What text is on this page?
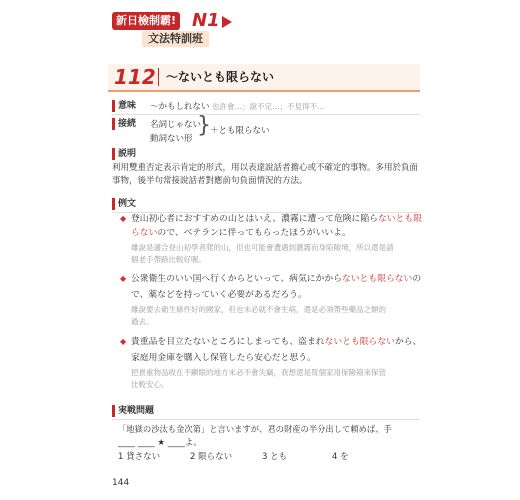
新日檢制霸! N1
文法特訓班
112 ～ないとも限らない
意味 ～かもしれない 也許會…；說不定…；不見得不…
接続 名詞じゃない
動詞ない形
} ＋とも限らない
説明
利用雙重否定表示肯定的形式，用以表達說話者擔心或不確定的事物。多用於負面事物，後半句常接說話者對應前句負面情況的方法。
例文
◆ 登山初心者におすすめの山とはいえ、濃霧に遭って危険に陥らないとも限
らないので、ベテランに伴ってもらったほうがいいよ。
雖說是適合登山初學者爬的山，但也可能會遭遇到濃霧而身陷險境，所以還是請
個老手帶路比較好喔。
◆ 公衆衛生のいい国へ行くからといって、病気にかからないとも限らないの
で、薬などを持っていく必要があるだろう。
雖說要去衛生條件好的國家，但也未必就不會生病，還是必須帶些藥品之類的
過去。
◆ 貴重品を目立たないところにしまっても、盗まれないとも限らないから、
家庭用金庫を購入し保管したら安心だと思う。
把貴重物品收在不顯眼的地方未必不會失竊，我想還是買個家用保險箱來保管
比較安心。
実戦問題
「地獄の沙汰も金次第」と言いますが、君の財産の半分出して頼めば、手
____ ____ ★ ____よ。
1 貸さない	2 限らない	3 とも	4 を
144
